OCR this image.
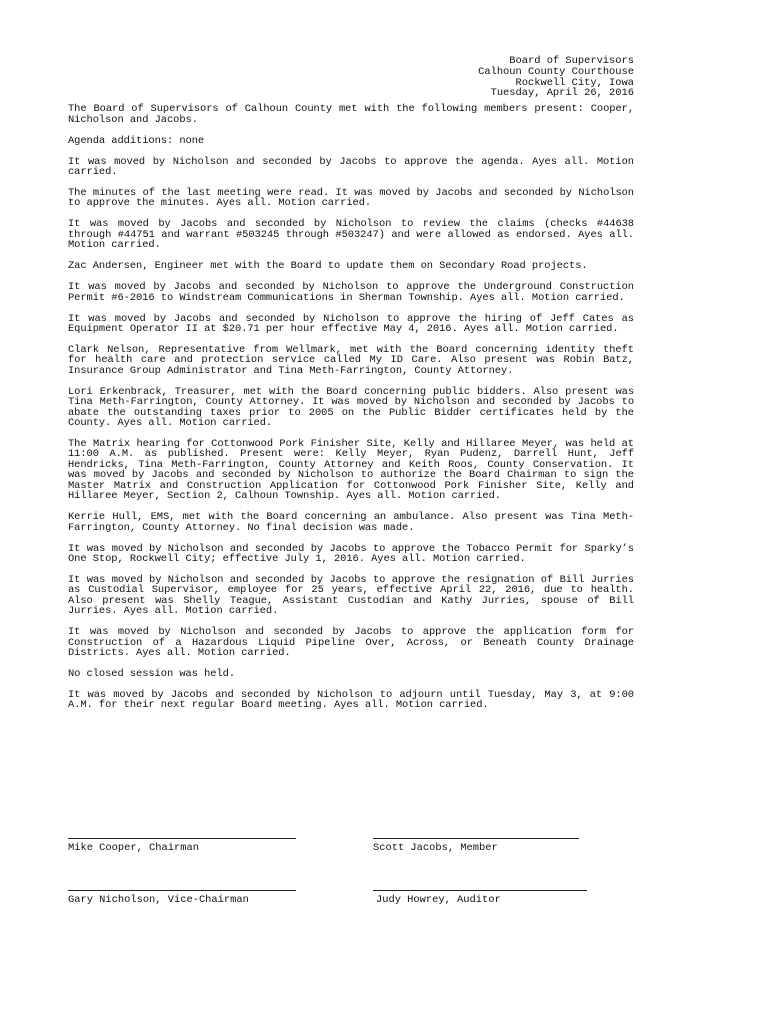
Board of Supervisors
Calhoun County Courthouse
Rockwell City, Iowa
Tuesday, April 26, 2016

The Board of Supervisors of Calhoun County met with the following members present: Cooper, Nicholson and Jacobs.

Agenda additions: none

It was moved by Nicholson and seconded by Jacobs to approve the agenda. Ayes all. Motion carried.

The minutes of the last meeting were read. It was moved by Jacobs and seconded by Nicholson to approve the minutes. Ayes all. Motion carried.

It was moved by Jacobs and seconded by Nicholson to review the claims (checks #44638 through #44751 and warrant #503245 through #503247) and were allowed as endorsed. Ayes all. Motion carried.

Zac Andersen, Engineer met with the Board to update them on Secondary Road projects.

It was moved by Jacobs and seconded by Nicholson to approve the Underground Construction Permit #6-2016 to Windstream Communications in Sherman Township. Ayes all. Motion carried.

It was moved by Jacobs and seconded by Nicholson to approve the hiring of Jeff Cates as Equipment Operator II at $20.71 per hour effective May 4, 2016. Ayes all. Motion carried.

Clark Nelson, Representative from Wellmark, met with the Board concerning identity theft for health care and protection service called My ID Care. Also present was Robin Batz, Insurance Group Administrator and Tina Meth-Farrington, County Attorney.

Lori Erkenbrack, Treasurer, met with the Board concerning public bidders. Also present was Tina Meth-Farrington, County Attorney. It was moved by Nicholson and seconded by Jacobs to abate the outstanding taxes prior to 2005 on the Public Bidder certificates held by the County. Ayes all. Motion carried.

The Matrix hearing for Cottonwood Pork Finisher Site, Kelly and Hillaree Meyer, was held at 11:00 A.M. as published. Present were: Kelly Meyer, Ryan Pudenz, Darrell Hunt, Jeff Hendricks, Tina Meth-Farrington, County Attorney and Keith Roos, County Conservation. It was moved by Jacobs and seconded by Nicholson to authorize the Board Chairman to sign the Master Matrix and Construction Application for Cottonwood Pork Finisher Site, Kelly and Hillaree Meyer, Section 2, Calhoun Township. Ayes all. Motion carried.

Kerrie Hull, EMS, met with the Board concerning an ambulance. Also present was Tina Meth-Farrington, County Attorney. No final decision was made.

It was moved by Nicholson and seconded by Jacobs to approve the Tobacco Permit for Sparky’s One Stop, Rockwell City; effective July 1, 2016. Ayes all. Motion carried.

It was moved by Nicholson and seconded by Jacobs to approve the resignation of Bill Jurries as Custodial Supervisor, employee for 25 years, effective April 22, 2016, due to health. Also present was Shelly Teague, Assistant Custodian and Kathy Jurries, spouse of Bill Jurries. Ayes all. Motion carried.

It was moved by Nicholson and seconded by Jacobs to approve the application form for Construction of a Hazardous Liquid Pipeline Over, Across, or Beneath County Drainage Districts. Ayes all. Motion carried.

No closed session was held.

It was moved by Jacobs and seconded by Nicholson to adjourn until Tuesday, May 3, at 9:00 A.M. for their next regular Board meeting. Ayes all. Motion carried.

Mike Cooper, Chairman	Scott Jacobs, Member
Gary Nicholson, Vice-Chairman	Judy Howrey, Auditor
